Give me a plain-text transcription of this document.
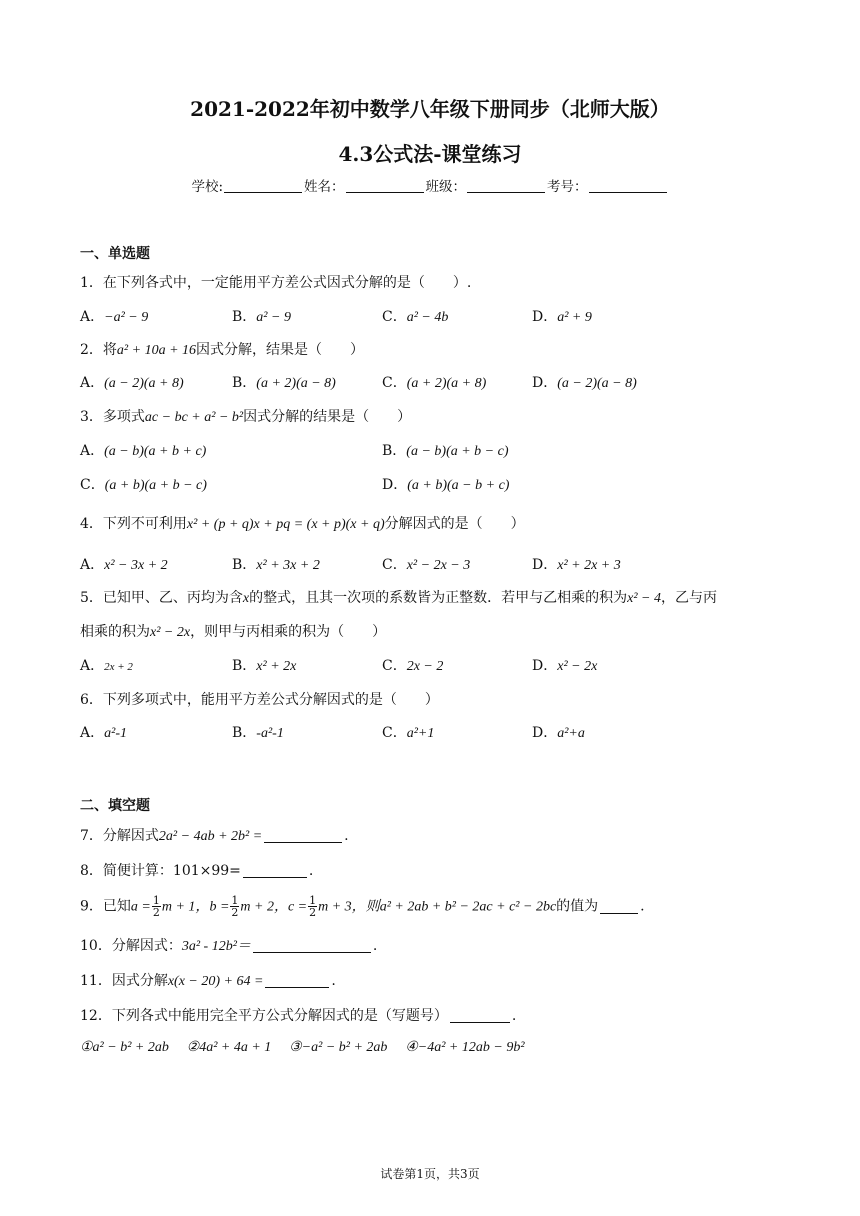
2021-2022年初中数学八年级下册同步（北师大版）
4.3公式法-课堂练习
学校:	姓名：	班级：	考号：
一、单选题
1．在下列各式中，一定能用平方差公式因式分解的是（　　）.
A．−a² − 9	B．a² − 9	C．a² − 4b	D．a² + 9
2．将a² + 10a + 16因式分解，结果是（　　）
A．(a − 2)(a + 8)	B．(a + 2)(a − 8)	C．(a + 2)(a + 8)	D．(a − 2)(a − 8)
3．多项式ac − bc + a² − b²因式分解的结果是（　　）
A．(a − b)(a + b + c)	B．(a − b)(a + b − c)
C．(a + b)(a + b − c)	D．(a + b)(a − b + c)
4．下列不可利用x² + (p + q)x + pq = (x + p)(x + q)分解因式的是（　　）
A．x² − 3x + 2	B．x² + 3x + 2	C．x² − 2x − 3	D．x² + 2x + 3
5．已知甲、乙、丙均为含x的整式，且其一次项的系数皆为正整数．若甲与乙相乘的积为x² − 4，乙与丙
相乘的积为x² − 2x，则甲与丙相乘的积为（　　）
A．2x + 2	B．x² + 2x	C．2x − 2	D．x² − 2x
6．下列多项式中，能用平方差公式分解因式的是（　　）
A．a²-1	B．-a²-1	C．a²+1	D．a²+a
二、填空题
7．分解因式2a² − 4ab + 2b² =	.
8．简便计算：101×99=	.
9．已知$a = \frac{1}{2}$ m + 1，$b = \frac{1}{2}$ m + 2，$c = \frac{1}{2}$ m + 3，则a² + 2ab + b² − 2ac + c² − 2bc的值为	.
10．分解因式：3a² ‑ 12b²＝	.
11．因式分解x(x − 20) + 64 =	.
12．下列各式中能用完全平方公式分解因式的是（写题号）	.
①a² − b² + 2ab ②4a² + 4a + 1 ③−a² − b² + 2ab ④−4a² + 12ab − 9b²
试卷第1页，共3页
